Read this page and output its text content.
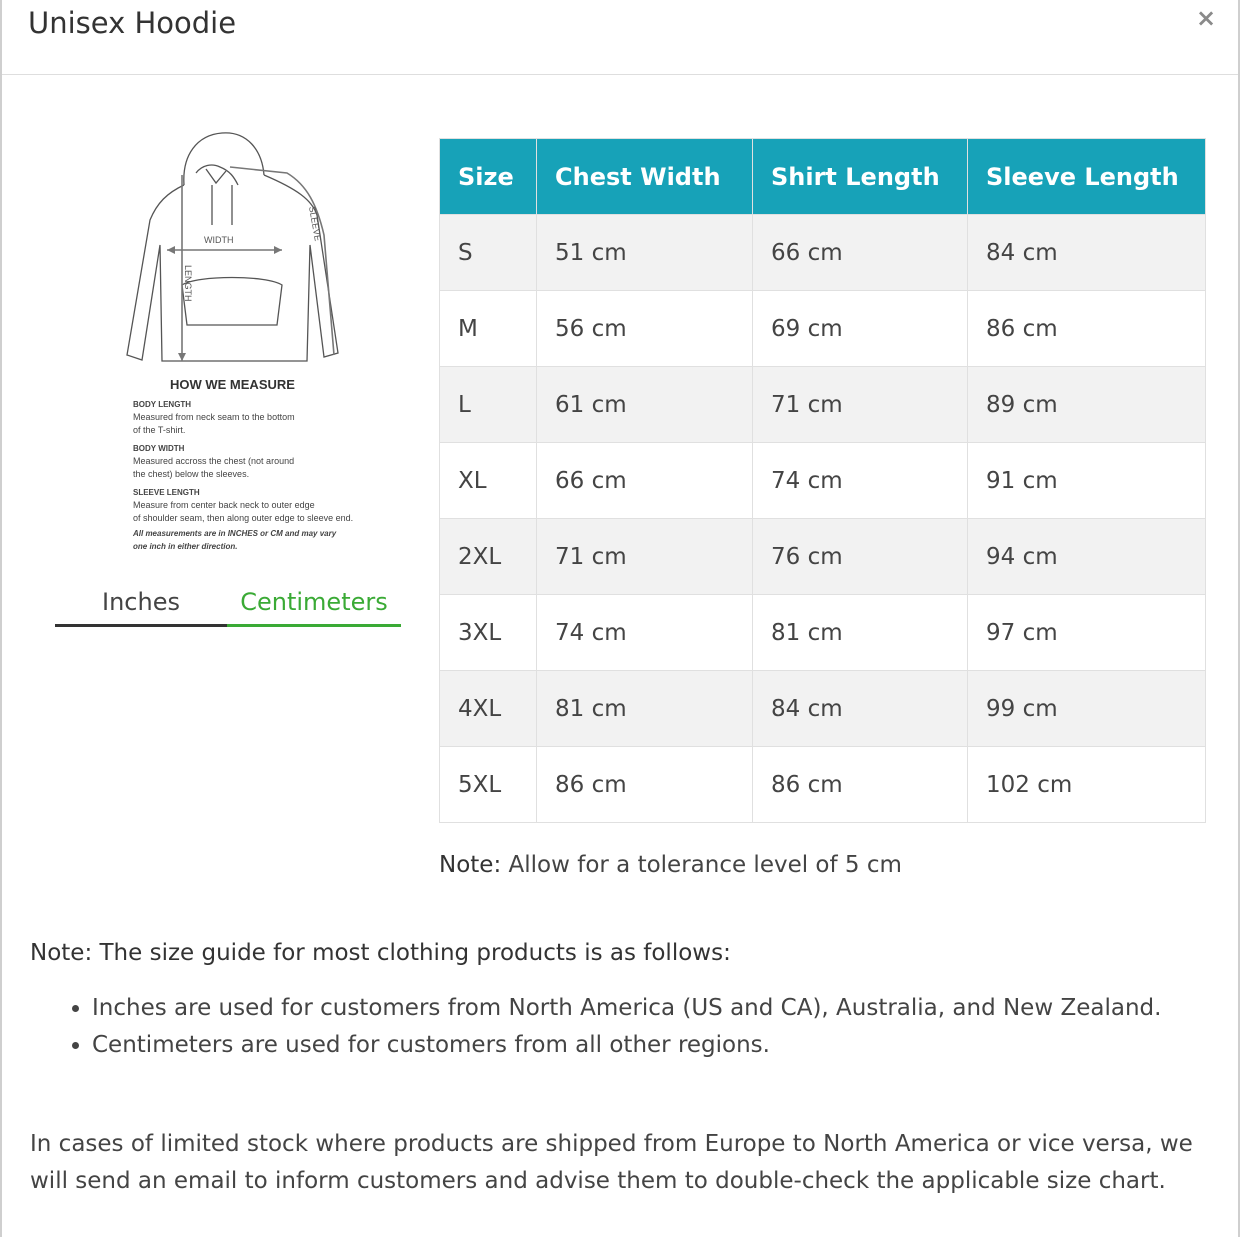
Unisex Hoodie	×
WIDTH
LENGTH
SLEEVE
HOW WE MEASURE
BODY LENGTH
Measured from neck seam to the bottom
of the T-shirt.
BODY WIDTH
Measured accross the chest (not around
the chest) below the sleeves.
SLEEVE LENGTH
Measure from center back neck to outer edge
of shoulder seam, then along outer edge to sleeve end.
All measurements are in INCHES or CM and may vary
one inch in either direction.
Inches	Centimeters
Size	Chest Width	Shirt Length	Sleeve Length
S	51 cm	66 cm	84 cm
M	56 cm	69 cm	86 cm
L	61 cm	71 cm	89 cm
XL	66 cm	74 cm	91 cm
2XL	71 cm	76 cm	94 cm
3XL	74 cm	81 cm	97 cm
4XL	81 cm	84 cm	99 cm
5XL	86 cm	86 cm	102 cm
Note: Allow for a tolerance level of 5 cm
Note: The size guide for most clothing products is as follows:
• Inches are used for customers from North America (US and CA), Australia, and New Zealand.
• Centimeters are used for customers from all other regions.
In cases of limited stock where products are shipped from Europe to North America or vice versa, we will send an email to inform customers and advise them to double-check the applicable size chart.
